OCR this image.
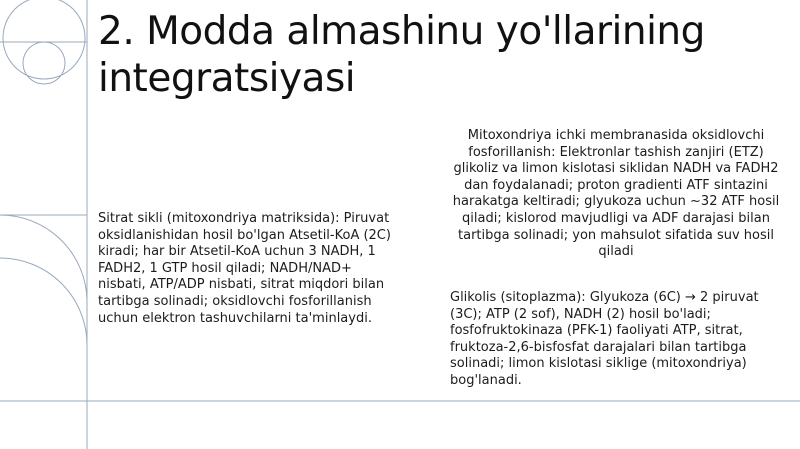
2. Modda almashinu yo'llarining integratsiyasi
Sitrat sikli (mitoxondriya matriksida): Piruvat oksidlanishidan hosil bo'lgan Atsetil-KoA (2C) kiradi; har bir Atsetil-KoA uchun 3 NADH, 1 FADH2, 1 GTP hosil qiladi; NADH/NAD+ nisbati, ATP/ADP nisbati, sitrat miqdori bilan tartibga solinadi; oksidlovchi fosforillanish uchun elektron tashuvchilarni ta'minlaydi.
Mitoxondriya ichki membranasida oksidlovchi fosforillanish: Elektronlar tashish zanjiri (ETZ) glikoliz va limon kislotasi siklidan NADH va FADH2 dan foydalanadi; proton gradienti ATF sintazini harakatga keltiradi; glyukoza uchun ~32 ATF hosil qiladi; kislorod mavjudligi va ADF darajasi bilan tartibga solinadi; yon mahsulot sifatida suv hosil qiladi
Glikolis (sitoplazma): Glyukoza (6C) → 2 piruvat (3C); ATP (2 sof), NADH (2) hosil bo'ladi; fosfofruktokinaza (PFK-1) faoliyati ATP, sitrat, fruktoza-2,6-bisfosfat darajalari bilan tartibgа solinadi; limon kislotasi siklige (mitoxondriya) bog'lanadi.
